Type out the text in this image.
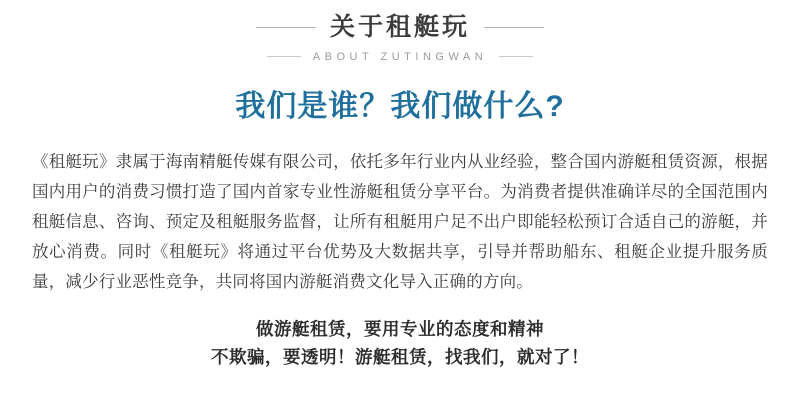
关于租艇玩
ABOUT ZUTINGWAN
我们是谁？我们做什么?

《租艇玩》隶属于海南精艇传媒有限公司，依托多年行业内从业经验，整合国内游艇租赁资源，根据国内用户的消费习惯打造了国内首家专业性游艇租赁分享平台。为消费者提供准确详尽的全国范围内租艇信息、咨询、预定及租艇服务监督，让所有租艇用户足不出户即能轻松预订合适自己的游艇，并放心消费。同时《租艇玩》将通过平台优势及大数据共享，引导并帮助船东、租艇企业提升服务质量，减少行业恶性竞争，共同将国内游艇消费文化导入正确的方向。

做游艇租赁，要用专业的态度和精神
不欺骗，要透明！游艇租赁，找我们，就对了！
